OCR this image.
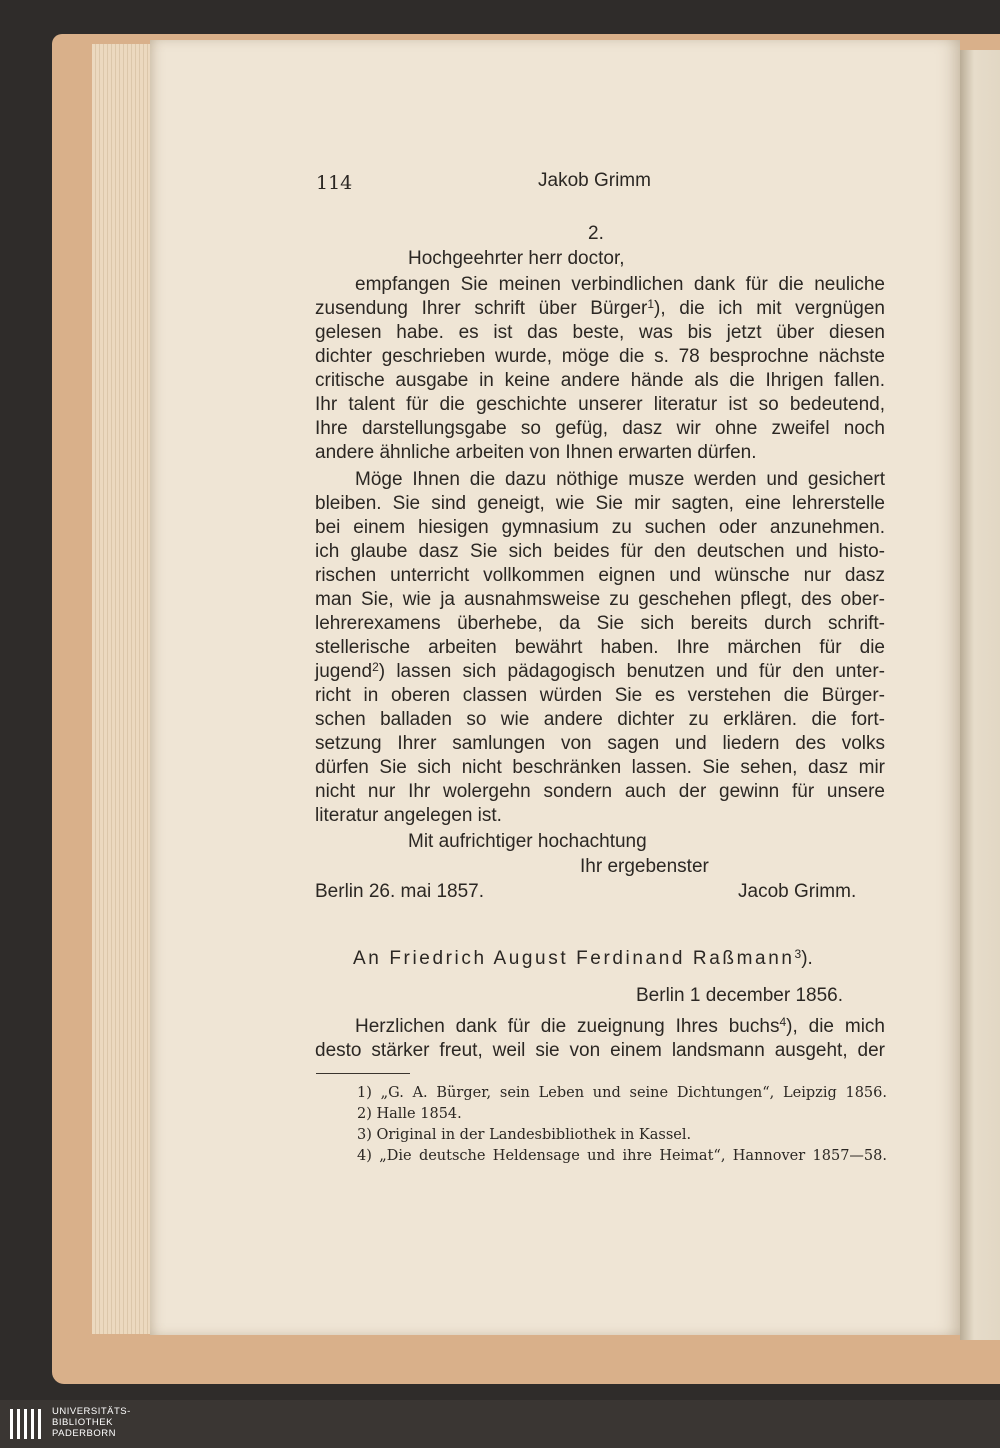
114	Jakob Grimm
2.
Hochgeehrter herr doctor,
empfangen Sie meinen verbindlichen dank für die neuliche
zusendung Ihrer schrift über Bürger$^1$), die ich mit vergnügen
gelesen habe. es ist das beste, was bis jetzt über diesen
dichter geschrieben wurde, möge die s. 78 besprochne nächste
critische ausgabe in keine andere hände als die Ihrigen fallen.
Ihr talent für die geschichte unserer literatur ist so bedeutend,
Ihre darstellungsgabe so gefüg, dasz wir ohne zweifel noch
andere ähnliche arbeiten von Ihnen erwarten dürfen.
Möge Ihnen die dazu nöthige musze werden und gesichert
bleiben. Sie sind geneigt, wie Sie mir sagten, eine lehrerstelle
bei einem hiesigen gymnasium zu suchen oder anzunehmen.
ich glaube dasz Sie sich beides für den deutschen und histo-
rischen unterricht vollkommen eignen und wünsche nur dasz
man Sie, wie ja ausnahmsweise zu geschehen pflegt, des ober-
lehrerexamens überhebe, da Sie sich bereits durch schrift-
stellerische arbeiten bewährt haben. Ihre märchen für die
jugend$^2$) lassen sich pädagogisch benutzen und für den unter-
richt in oberen classen würden Sie es verstehen die Bürger-
schen balladen so wie andere dichter zu erklären. die fort-
setzung Ihrer samlungen von sagen und liedern des volks
dürfen Sie sich nicht beschränken lassen. Sie sehen, dasz mir
nicht nur Ihr wolergehn sondern auch der gewinn für unsere
literatur angelegen ist.
Mit aufrichtiger hochachtung
Ihr ergebenster
Berlin 26. mai 1857.	Jacob Grimm.
An Friedrich August Ferdinand Raßmann$^3$).
Berlin 1 december 1856.
Herzlichen dank für die zueignung Ihres buchs$^4$), die mich
desto stärker freut, weil sie von einem landsmann ausgeht, der
1) „G. A. Bürger, sein Leben und seine Dichtungen“, Leipzig 1856.
2) Halle 1854.
3) Original in der Landesbibliothek in Kassel.
4) „Die deutsche Heldensage und ihre Heimat“, Hannover 1857—58.
UNIVERSITÄTS-
BIBLIOTHEK
PADERBORN
